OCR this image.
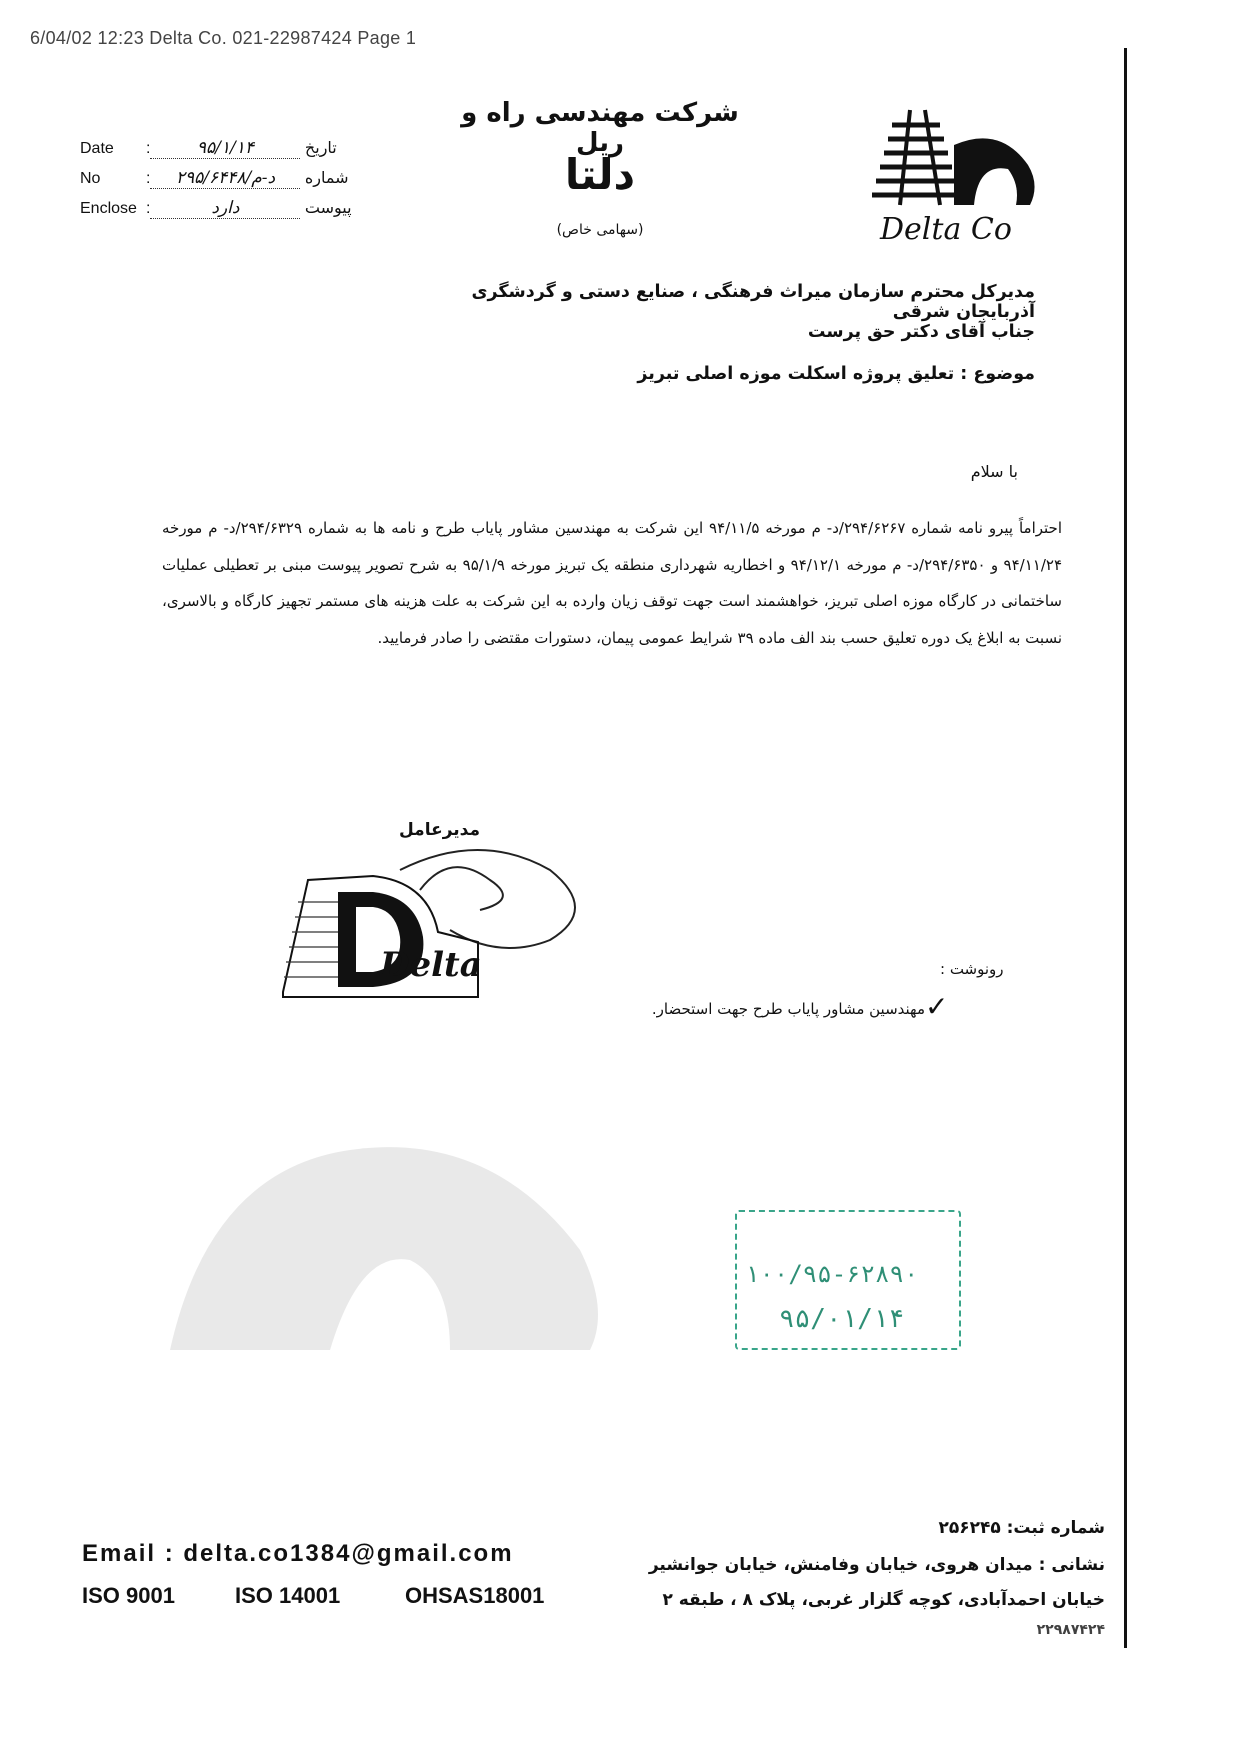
6/04/02 12:23 Delta Co. 021-22987424 Page 1
Date :	۹۵/۱/۱۴	تاریخ
No	: ۲۹۵/۶۴۴۸/د-م شماره
Enclose :	دارد	پیوست
شرکت مهندسی راه و ریل
دلتا
(سهامی خاص)	Delta Co
مدیرکل محترم سازمان میراث فرهنگی ، صنایع دستی و گردشگری آذربایجان شرقی
جناب آقای دکتر حق پرست
موضوع : تعلیق پروژه اسکلت موزه اصلی تبریز
با سلام
احتراماً پیرو نامه شماره ۲۹۴/۶۲۶۷/د- م مورخه ۹۴/۱۱/۵ این شرکت به مهندسین مشاور پایاب طرح و نامه ها به شماره ۲۹۴/۶۳۲۹/د- م مورخه ۹۴/۱۱/۲۴ و ۲۹۴/۶۳۵۰/د- م مورخه ۹۴/۱۲/۱ و اخطاریه شهرداری منطقه یک تبریز مورخه ۹۵/۱/۹ به شرح تصویر پیوست مبنی بر تعطیلی عملیات ساختمانی در کارگاه موزه اصلی تبریز، خواهشمند است جهت توقف زیان وارده به این شرکت به علت هزینه های مستمر تجهیز کارگاه و بالاسری، نسبت به ابلاغ یک دوره تعلیق حسب بند الف ماده ۳۹ شرایط عمومی پیمان، دستورات مقتضی را صادر فرمایید.
مدیرعامل
Delta	رونوشت :
✓
مهندسین مشاور پایاب طرح جهت استحضار.

۱۰۰/۹۵-۶۲۸۹۰
۹۵/۰۱/۱۴
Email : delta.co1384@gmail.com
ISO 9001	ISO 14001	OHSAS18001
شماره ثبت: ۲۵۶۲۴۵
نشانی : میدان هروی، خیابان وفامنش، خیابان جوانشیر
خیابان احمدآبادی، کوچه گلزار غربی، پلاک ۸ ، طبقه ۲
۲۲۹۸۷۴۲۴
